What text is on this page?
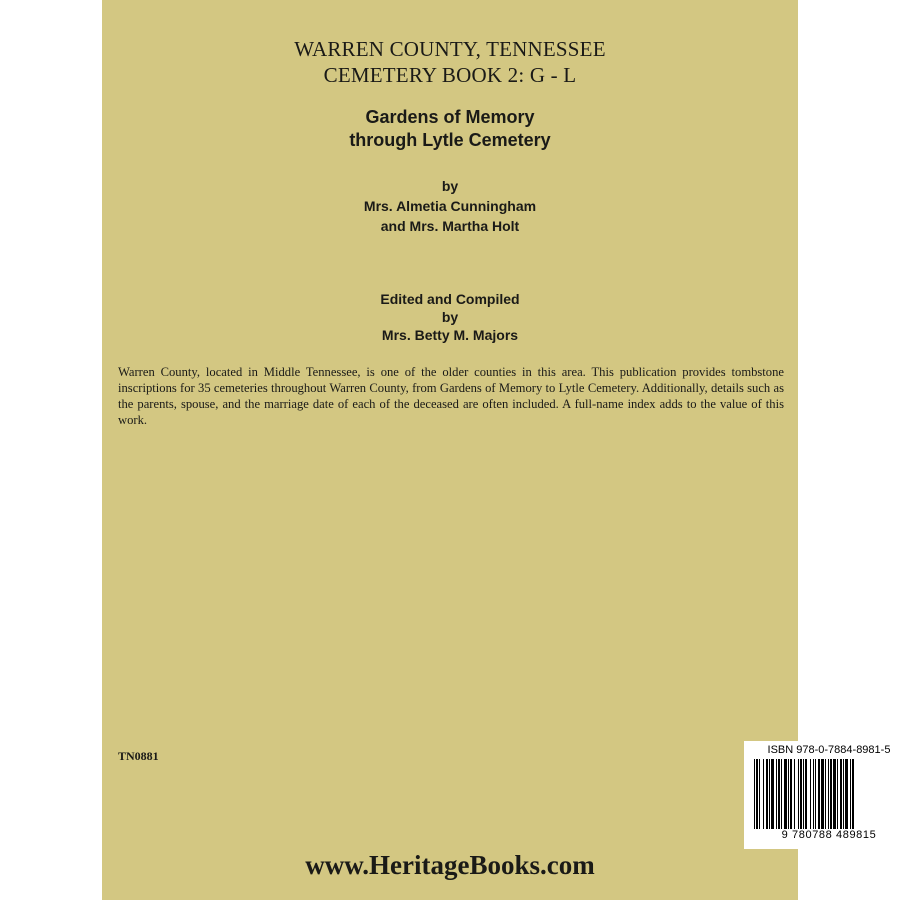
WARREN COUNTY, TENNESSEE
CEMETERY BOOK 2: G - L
Gardens of Memory
through Lytle Cemetery
by
Mrs. Almetia Cunningham
and Mrs. Martha Holt
Edited and Compiled
by
Mrs. Betty M. Majors
Warren County, located in Middle Tennessee, is one of the older counties in this area. This publication provides tombstone inscriptions for 35 cemeteries throughout Warren County, from Gardens of Memory to Lytle Cemetery. Additionally, details such as the parents, spouse, and the marriage date of each of the deceased are often included. A full-name index adds to the value of this work.
TN0881	ISBN 978-0-7884-8981-5
9 780788 489815
www.HeritageBooks.com
